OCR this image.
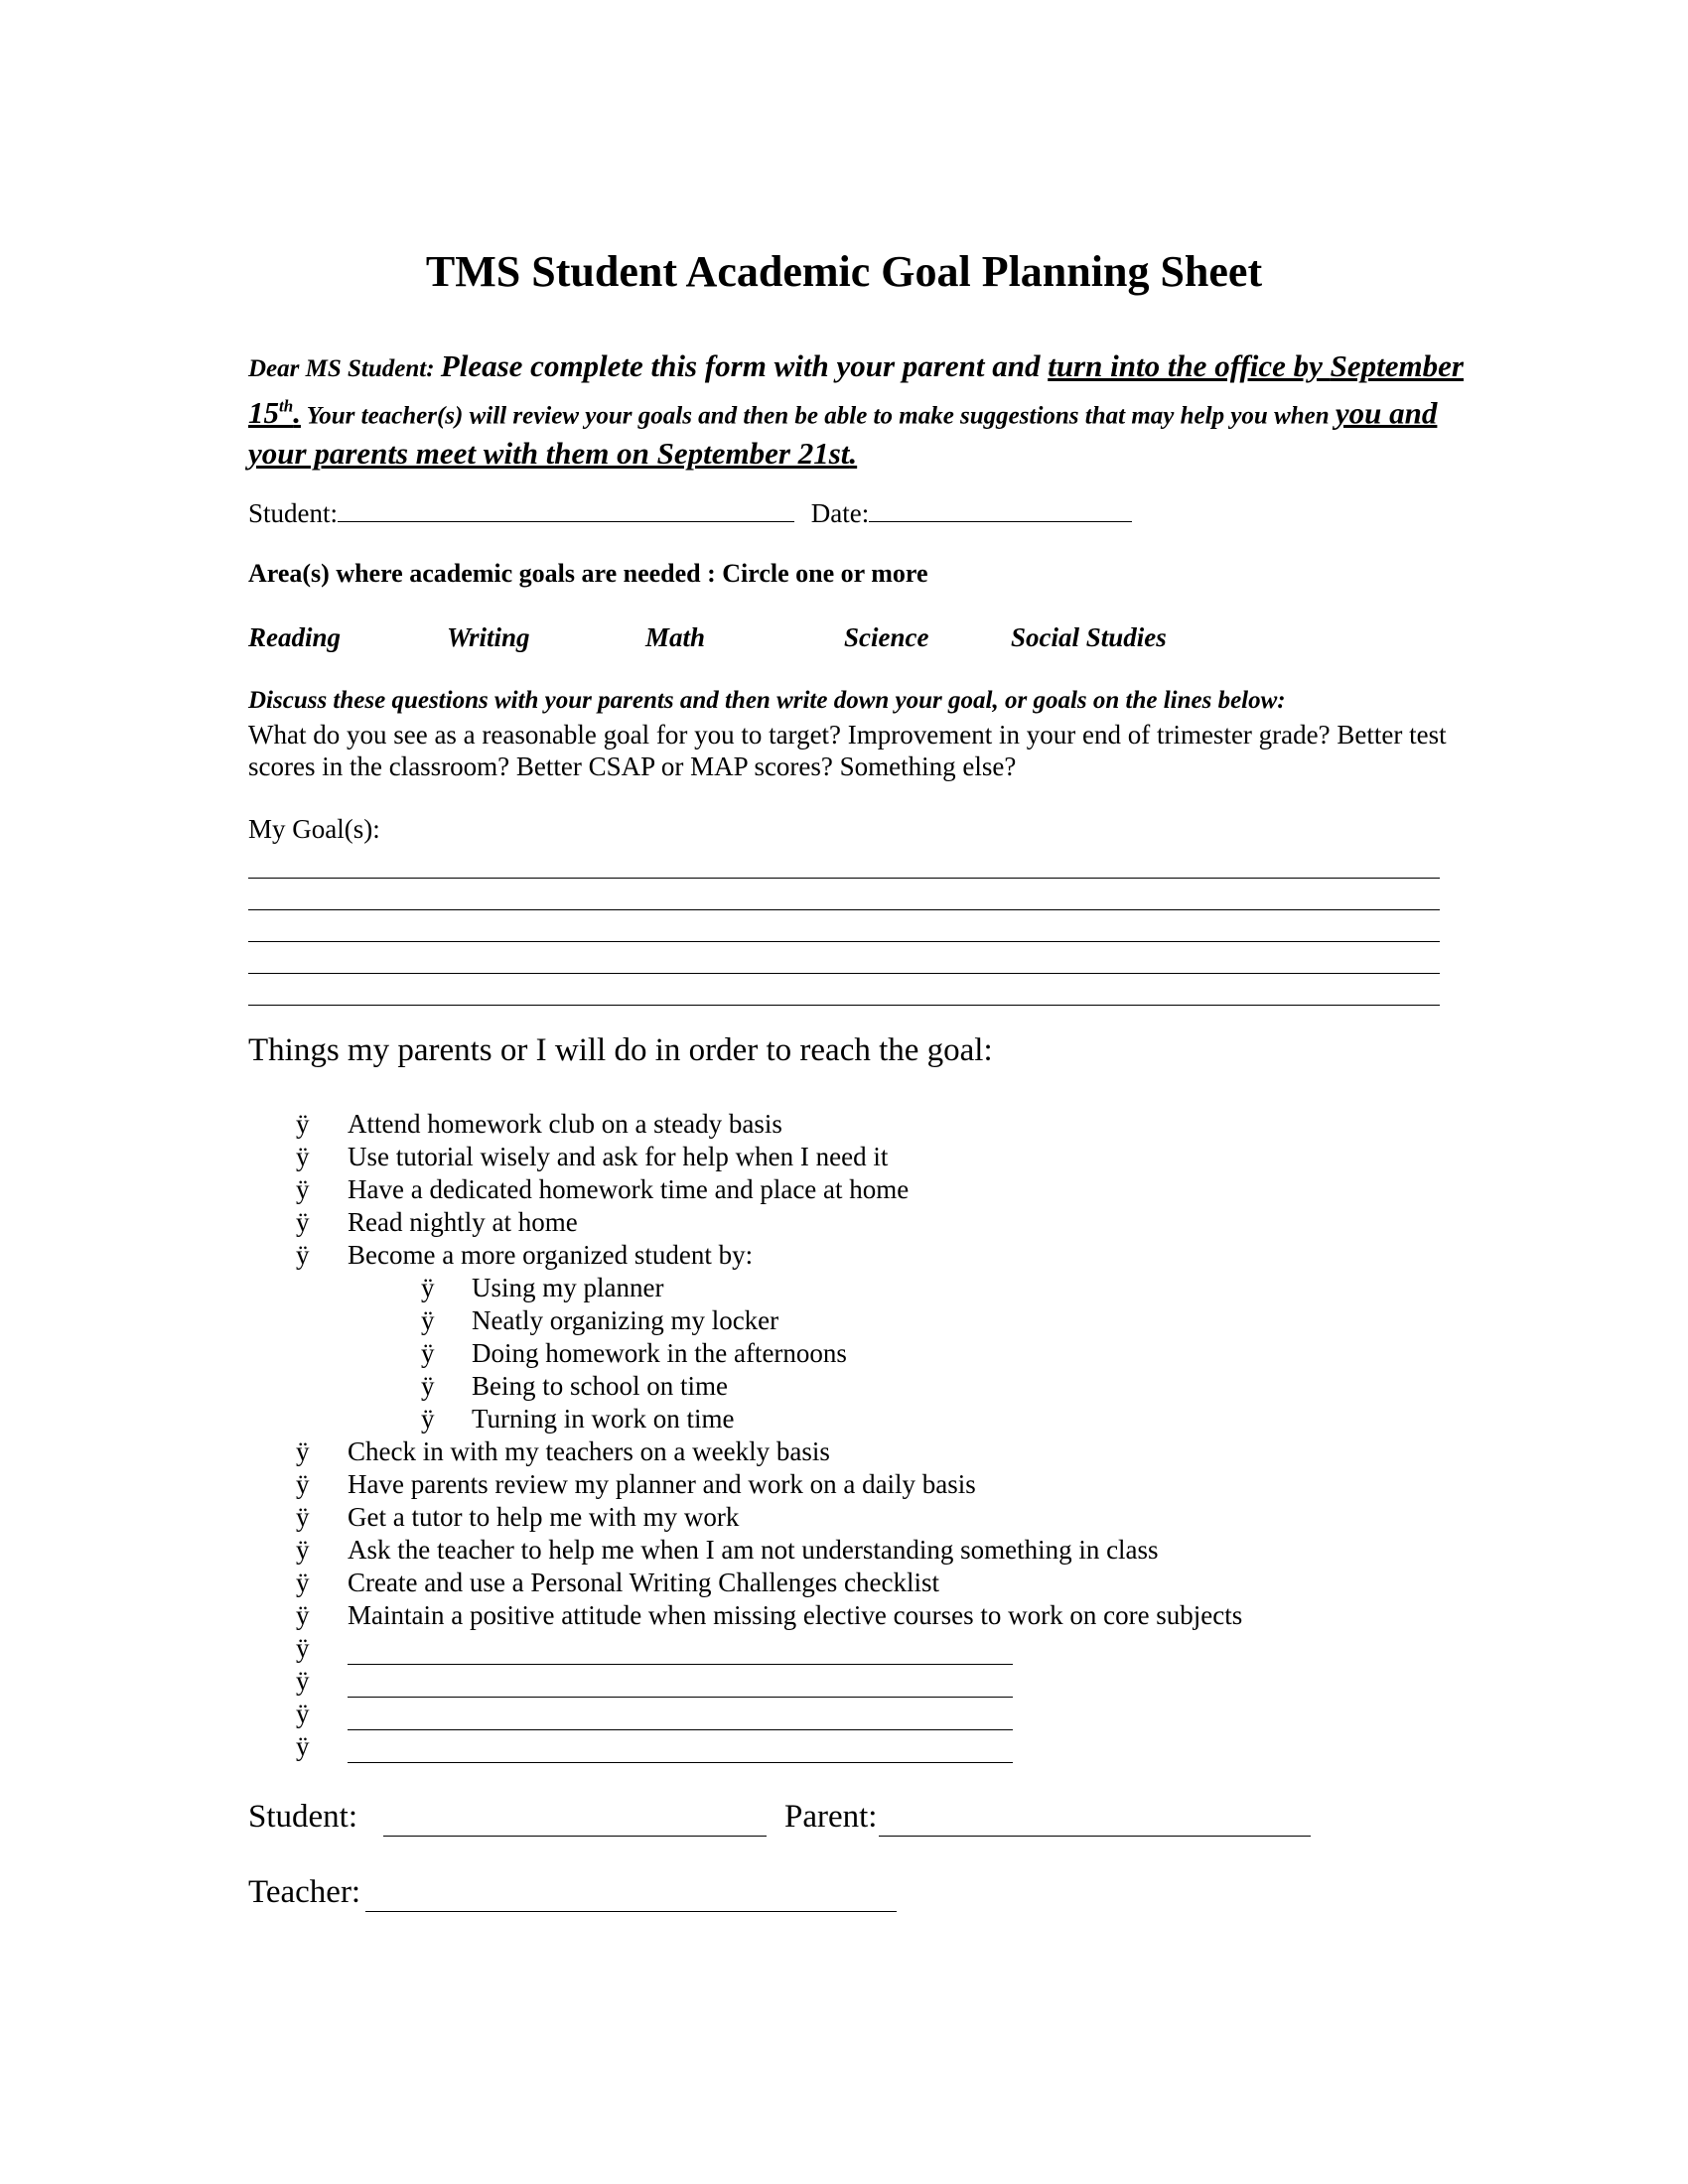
TMS Student Academic Goal Planning Sheet
Dear MS Student: Please complete this form with your parent and turn into the office by September 15th. Your teacher(s) will review your goals and then be able to make suggestions that may help you when you and your parents meet with them on September 21st.
Student:	Date:
Area(s) where academic goals are needed : Circle one or more
Reading	Writing	Math	Science	Social Studies
Discuss these questions with your parents and then write down your goal, or goals on the lines below:
What do you see as a reasonable goal for you to target? Improvement in your end of trimester grade? Better test scores in the classroom? Better CSAP or MAP scores? Something else?
My Goal(s):
Things my parents or I will do in order to reach the goal:
ÿ Attend homework club on a steady basis
ÿ Use tutorial wisely and ask for help when I need it
ÿ Have a dedicated homework time and place at home
ÿ Read nightly at home
ÿ Become a more organized student by:
ÿ Using my planner
ÿ Neatly organizing my locker
ÿ Doing homework in the afternoons
ÿ Being to school on time
ÿ Turning in work on time
ÿ Check in with my teachers on a weekly basis
ÿ Have parents review my planner and work on a daily basis
ÿ Get a tutor to help me with my work
ÿ Ask the teacher to help me when I am not understanding something in class
ÿ Create and use a Personal Writing Challenges checklist
ÿ Maintain a positive attitude when missing elective courses to work on core subjects
ÿ
ÿ
ÿ
ÿ
Student:	Parent:
Teacher:
